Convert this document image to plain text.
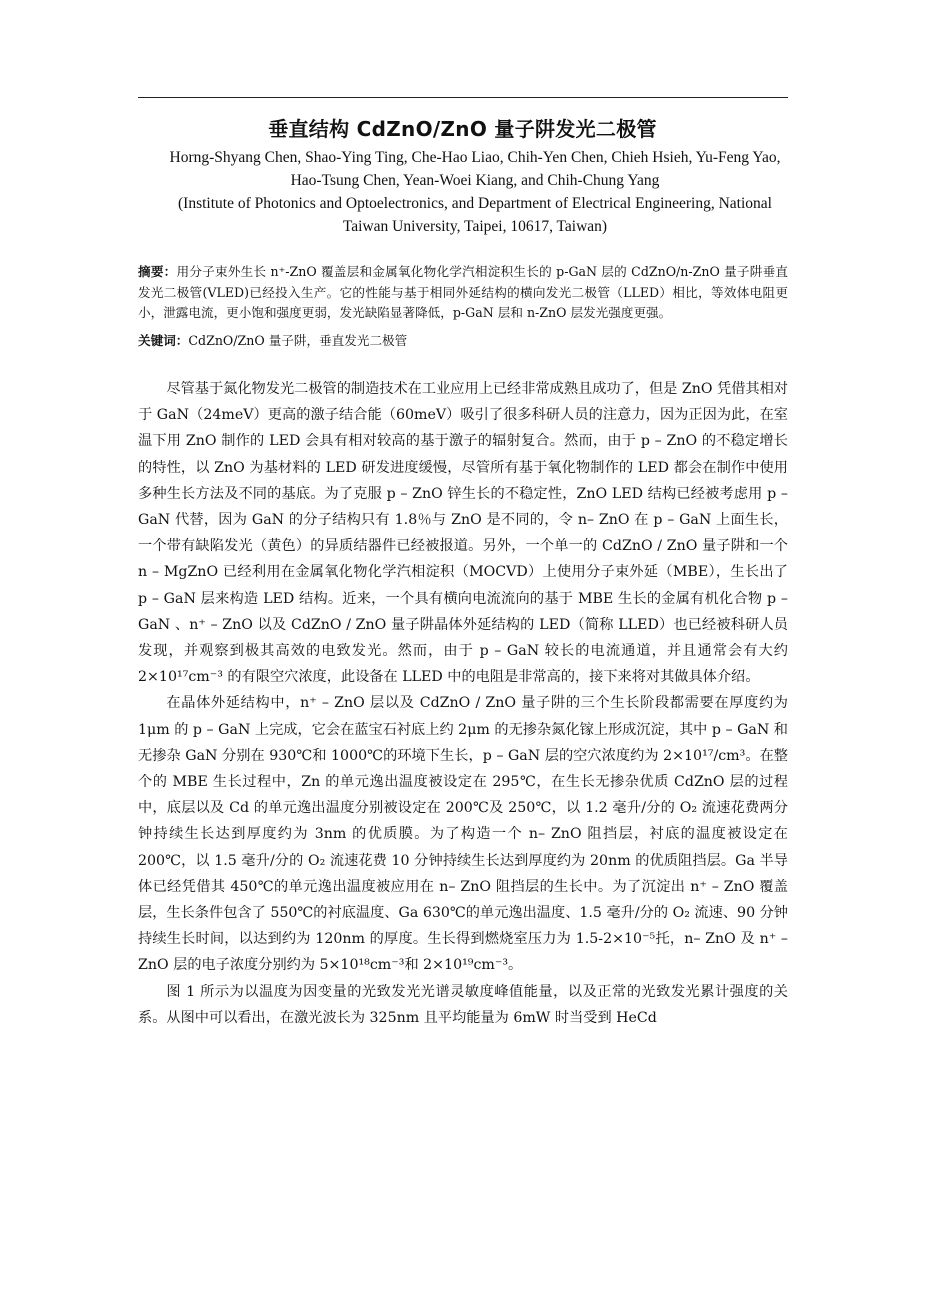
垂直结构 CdZnO/ZnO 量子阱发光二极管
Horng-Shyang Chen, Shao-Ying Ting, Che-Hao Liao, Chih-Yen Chen, Chieh Hsieh, Yu-Feng Yao, Hao-Tsung Chen, Yean-Woei Kiang, and Chih-Chung Yang
(Institute of Photonics and Optoelectronics, and Department of Electrical Engineering, National Taiwan University, Taipei, 10617, Taiwan)
摘要：用分子束外生长 n⁺-ZnO 覆盖层和金属氧化物化学汽相淀积生长的 p-GaN 层的 CdZnO/n-ZnO 量子阱垂直发光二极管(VLED)已经投入生产。它的性能与基于相同外延结构的横向发光二极管（LLED）相比，等效体电阻更小，泄露电流，更小饱和强度更弱，发光缺陷显著降低，p-GaN 层和 n-ZnO 层发光强度更强。
关键词：CdZnO/ZnO 量子阱，垂直发光二极管

尽管基于氮化物发光二极管的制造技术在工业应用上已经非常成熟且成功了，但是 ZnO 凭借其相对于 GaN（24meV）更高的激子结合能（60meV）吸引了很多科研人员的注意力，因为正因为此，在室温下用 ZnO 制作的 LED 会具有相对较高的基于激子的辐射复合。然而，由于 p – ZnO 的不稳定增长的特性，以 ZnO 为基材料的 LED 研发进度缓慢，尽管所有基于氧化物制作的 LED 都会在制作中使用多种生长方法及不同的基底。为了克服 p – ZnO 锌生长的不稳定性，ZnO LED 结构已经被考虑用 p – GaN 代替，因为 GaN 的分子结构只有 1.8％与 ZnO 是不同的，令 n– ZnO 在 p – GaN 上面生长，一个带有缺陷发光（黄色）的异质结器件已经被报道。另外，一个单一的 CdZnO / ZnO 量子阱和一个 n – MgZnO 已经利用在金属氧化物化学汽相淀积（MOCVD）上使用分子束外延（MBE），生长出了 p – GaN 层来构造 LED 结构。近来，一个具有横向电流流向的基于 MBE 生长的金属有机化合物 p – GaN 、n⁺ – ZnO 以及 CdZnO / ZnO 量子阱晶体外延结构的 LED（简称 LLED）也已经被科研人员发现，并观察到极其高效的电致发光。然而，由于 p – GaN 较长的电流通道，并且通常会有大约 2×10¹⁷cm⁻³ 的有限空穴浓度，此设备在 LLED 中的电阻是非常高的，接下来将对其做具体介绍。

在晶体外延结构中，n⁺ – ZnO 层以及 CdZnO / ZnO 量子阱的三个生长阶段都需要在厚度约为 1μm 的 p – GaN 上完成，它会在蓝宝石衬底上约 2μm 的无掺杂氮化镓上形成沉淀，其中 p – GaN 和无掺杂 GaN 分别在 930℃和 1000℃的环境下生长，p – GaN 层的空穴浓度约为 2×10¹⁷/cm³。在整个的 MBE 生长过程中，Zn 的单元逸出温度被设定在 295℃，在生长无掺杂优质 CdZnO 层的过程中，底层以及 Cd 的单元逸出温度分别被设定在 200℃及 250℃，以 1.2 毫升/分的 O₂ 流速花费两分钟持续生长达到厚度约为 3nm 的优质膜。为了构造一个 n– ZnO 阻挡层，衬底的温度被设定在 200℃，以 1.5 毫升/分的 O₂ 流速花费 10 分钟持续生长达到厚度约为 20nm 的优质阻挡层。Ga 半导体已经凭借其 450℃的单元逸出温度被应用在 n– ZnO 阻挡层的生长中。为了沉淀出 n⁺ – ZnO 覆盖层，生长条件包含了 550℃的衬底温度、Ga 630℃的单元逸出温度、1.5 毫升/分的 O₂ 流速、90 分钟持续生长时间，以达到约为 120nm 的厚度。生长得到燃烧室压力为 1.5-2×10⁻⁵托，n– ZnO 及 n⁺ – ZnO 层的电子浓度分别约为 5×10¹⁸cm⁻³和 2×10¹⁹cm⁻³。

图 1 所示为以温度为因变量的光致发光光谱灵敏度峰值能量，以及正常的光致发光累计强度的关系。从图中可以看出，在激光波长为 325nm 且平均能量为 6mW 时当受到 HeCd
